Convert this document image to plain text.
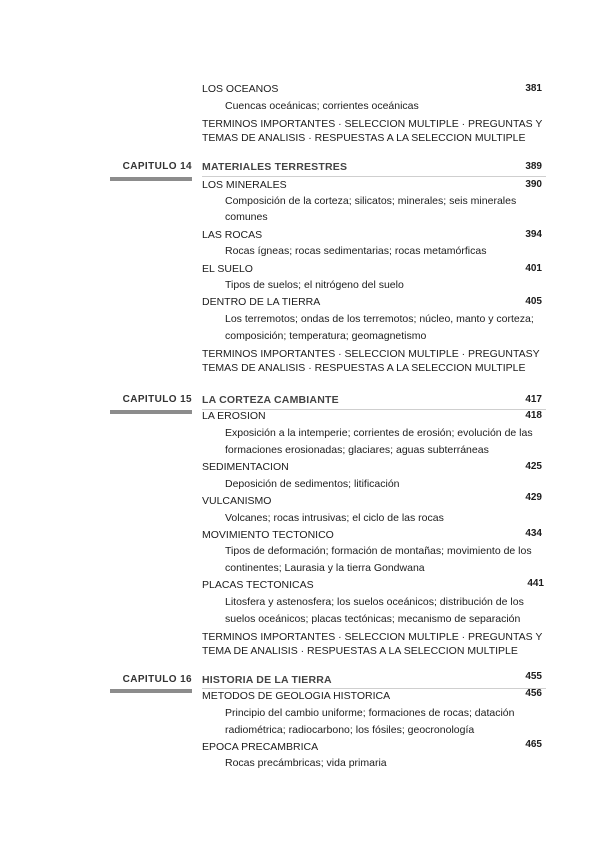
LOS OCEANOS	381
Cuencas oceánicas; corrientes oceánicas
TERMINOS IMPORTANTES · SELECCION MULTIPLE · PREGUNTAS Y
TEMAS DE ANALISIS · RESPUESTAS A LA SELECCION MULTIPLE
CAPITULO 14 MATERIALES TERRESTRES	389
LOS MINERALES	390
Composición de la corteza; silicatos; minerales; seis minerales
comunes
LAS ROCAS	394
Rocas ígneas; rocas sedimentarias; rocas metamórficas
EL SUELO	401
Tipos de suelos; el nitrógeno del suelo
DENTRO DE LA TIERRA	405
Los terremotos; ondas de los terremotos; núcleo, manto y corteza;
composición; temperatura; geomagnetismo
TERMINOS IMPORTANTES · SELECCION MULTIPLE · PREGUNTASY
TEMAS DE ANALISIS · RESPUESTAS A LA SELECCION MULTIPLE
CAPITULO 15 LA CORTEZA CAMBIANTE	417
LA EROSION	418
Exposición a la intemperie; corrientes de erosión; evolución de las
formaciones erosionadas; glaciares; aguas subterráneas
SEDIMENTACION	425
Deposición de sedimentos; litificación
VULCANISMO	429
Volcanes; rocas intrusivas; el ciclo de las rocas
MOVIMIENTO TECTONICO	434
Tipos de deformación; formación de montañas; movimiento de los
continentes; Laurasia y la tierra Gondwana
PLACAS TECTONICAS	441
Litosfera y astenosfera; los suelos oceánicos; distribución de los
suelos oceánicos; placas tectónicas; mecanismo de separación
TERMINOS IMPORTANTES · SELECCION MULTIPLE · PREGUNTAS Y
TEMA DE ANALISIS · RESPUESTAS A LA SELECCION MULTIPLE
CAPITULO 16 HISTORIA DE LA TIERRA	455
METODOS DE GEOLOGIA HISTORICA	456
Principio del cambio uniforme; formaciones de rocas; datación
radiométrica; radiocarbono; los fósiles; geocronología
EPOCA PRECAMBRICA	465
Rocas precámbricas; vida primaria
